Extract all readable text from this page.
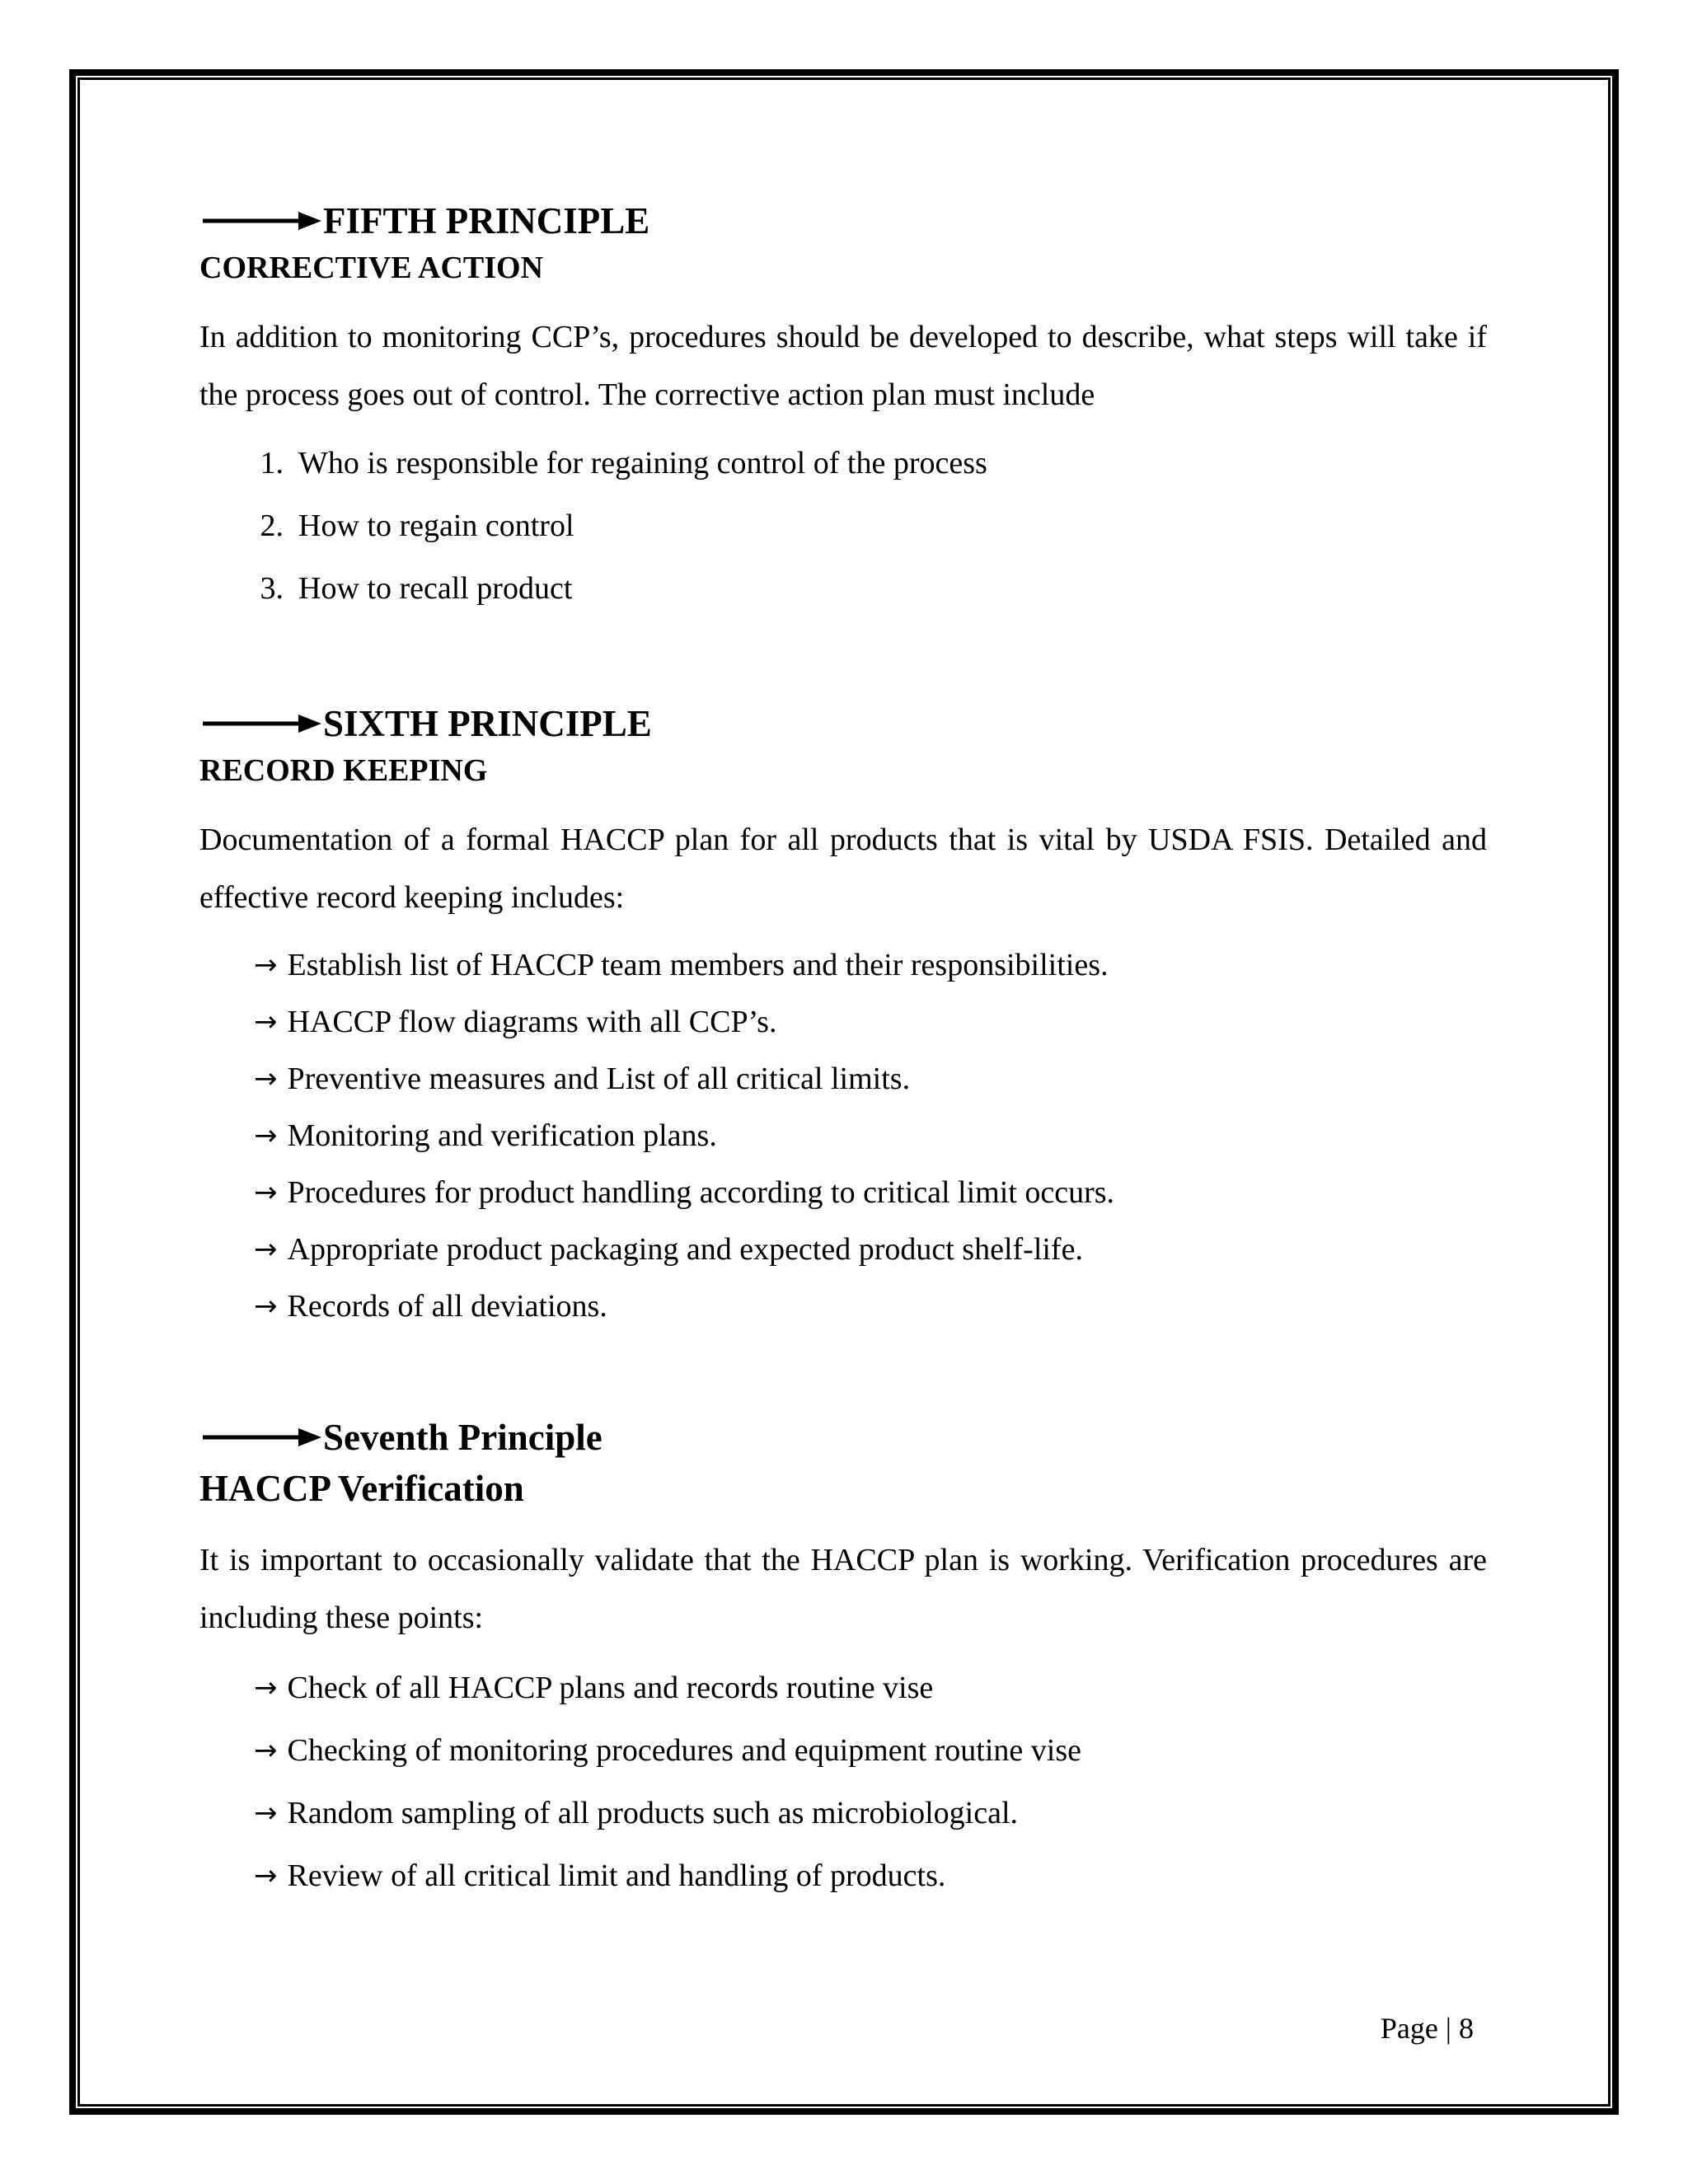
FIFTH PRINCIPLE
CORRECTIVE ACTION

In addition to monitoring CCP’s, procedures should be developed to describe, what steps will take if the process goes out of control. The corrective action plan must include

1. Who is responsible for regaining control of the process
2. How to regain control
3. How to recall product
SIXTH PRINCIPLE
RECORD KEEPING

Documentation of a formal HACCP plan for all products that is vital by USDA FSIS. Detailed and effective record keeping includes:

→ Establish list of HACCP team members and their responsibilities.
→ HACCP flow diagrams with all CCP’s.
→ Preventive measures and List of all critical limits.
→ Monitoring and verification plans.
→ Procedures for product handling according to critical limit occurs.
→ Appropriate product packaging and expected product shelf-life.
→ Records of all deviations.
Seventh Principle
HACCP Verification

It is important to occasionally validate that the HACCP plan is working. Verification procedures are including these points:

→ Check of all HACCP plans and records routine vise
→ Checking of monitoring procedures and equipment routine vise
→ Random sampling of all products such as microbiological.
→ Review of all critical limit and handling of products.
Page | 8
